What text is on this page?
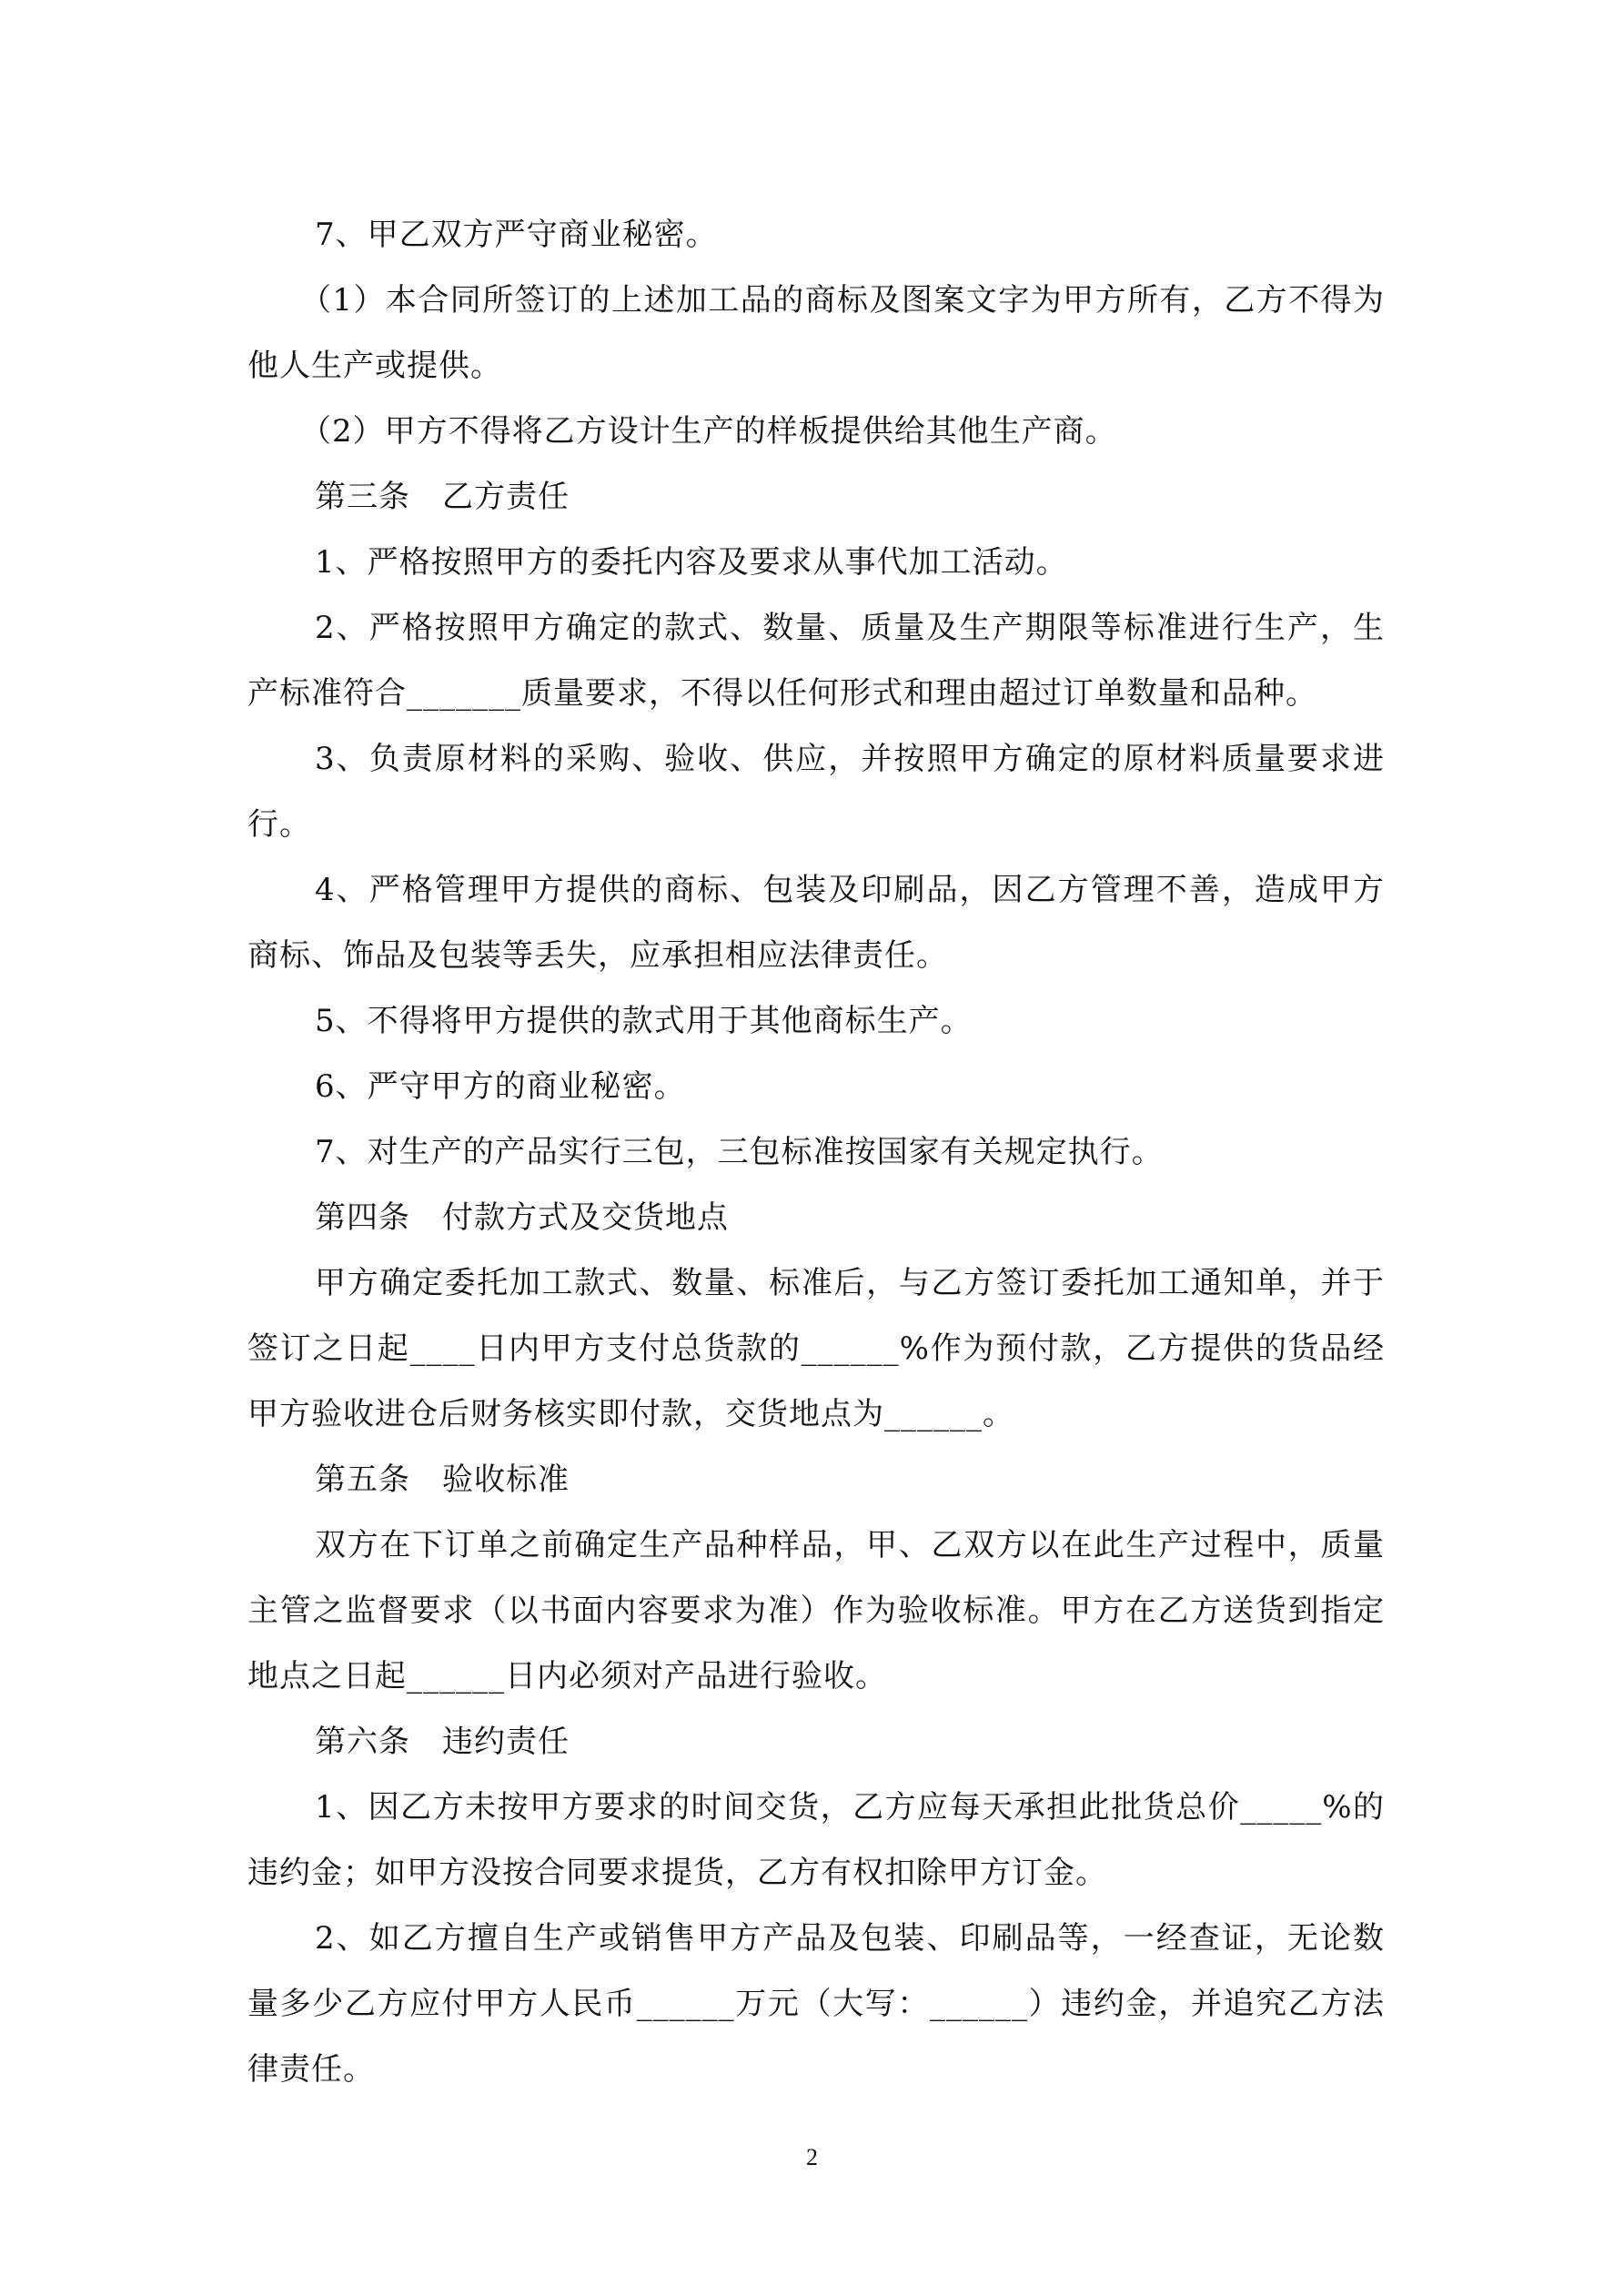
7、甲乙双方严守商业秘密。

（1）本合同所签订的上述加工品的商标及图案文字为甲方所有，乙方不得为他人生产或提供。

（2）甲方不得将乙方设计生产的样板提供给其他生产商。

第三条　乙方责任

1、严格按照甲方的委托内容及要求从事代加工活动。

2、严格按照甲方确定的款式、数量、质量及生产期限等标准进行生产，生产标准符合_______质量要求，不得以任何形式和理由超过订单数量和品种。

3、负责原材料的采购、验收、供应，并按照甲方确定的原材料质量要求进行。

4、严格管理甲方提供的商标、包装及印刷品，因乙方管理不善，造成甲方商标、饰品及包装等丢失，应承担相应法律责任。

5、不得将甲方提供的款式用于其他商标生产。

6、严守甲方的商业秘密。

7、对生产的产品实行三包，三包标准按国家有关规定执行。

第四条　付款方式及交货地点

甲方确定委托加工款式、数量、标准后，与乙方签订委托加工通知单，并于签订之日起____日内甲方支付总货款的______%作为预付款，乙方提供的货品经甲方验收进仓后财务核实即付款，交货地点为______。

第五条　验收标准

双方在下订单之前确定生产品种样品，甲、乙双方以在此生产过程中，质量主管之监督要求（以书面内容要求为准）作为验收标准。甲方在乙方送货到指定地点之日起______日内必须对产品进行验收。

第六条　违约责任

1、因乙方未按甲方要求的时间交货，乙方应每天承担此批货总价_____%的违约金；如甲方没按合同要求提货，乙方有权扣除甲方订金。

2、如乙方擅自生产或销售甲方产品及包装、印刷品等，一经查证，无论数量多少乙方应付甲方人民币______万元（大写：______）违约金，并追究乙方法律责任。

2
